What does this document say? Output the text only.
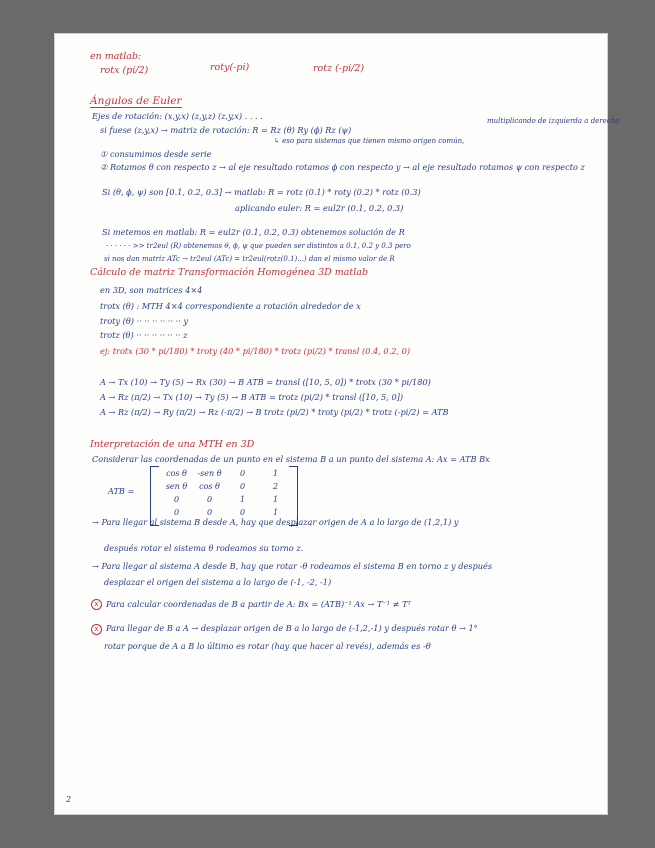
en matlab:
rotx (pi/2)	roty(-pi)	rotz (-pi/2)
Ángulos de Euler
Ejes de rotación: (x,y,x) (z,y,z) (z,y,x) . . . .
si fuese (z,y,x) → matriz de rotación: R = Rz (θ) Ry (ϕ) Rz (ψ)
multiplicando de izquierda a derecha
↳ eso para sistemas que tienen mismo origen común,
① consumimos desde serie
② Rotamos θ con respecto z → al eje resultado rotamos ϕ con respecto y → al eje resultado rotamos ψ con respecto z
Si (θ, ϕ, ψ) son [0.1, 0.2, 0.3] → matlab: R = rotz (0.1) * roty (0.2) * rotz (0.3)
aplicando euler: R = eul2r (0.1, 0.2, 0.3)
Si metemos en matlab: R = eul2r (0.1, 0.2, 0.3) obtenemos solución de R
· · · · · · >> tr2eul (R) obtenemos θ, ϕ, ψ que pueden ser distintos a 0.1, 0.2 y 0.3 pero
si nos dan matriz ATc → tr2eul (ATc) = tr2eul(rotz(0.1)...) dan el mismo valor de R
Cálculo de matriz Transformación Homogénea 3D matlab
en 3D, son matrices 4×4
trotx (θ) : MTH 4×4 correspondiente a rotación alrededor de x
troty (θ) ·· ·· ·· ·· ·· ·· y
trotz (θ) ·· ·· ·· ·· ·· ·· z
ej: trotx (30 * pi/180) * troty (40 * pi/180) * trotz (pi/2) * transl (0.4, 0.2, 0)
A → Tx (10) → Ty (5) → Rx (30) → B ATB = transl ([10, 5, 0]) * trotx (30 * pi/180)
A → Rz (π/2) → Tx (10) → Ty (5) → B ATB = trotz (pi/2) * transl ([10, 5, 0])
A → Rz (π/2) → Ry (π/2) → Rz (-π/2) → B trotz (pi/2) * troty (pi/2) * trotz (-pi/2) = ATB
Interpretación de una MTH en 3D
Considerar las coordenadas de un punto en el sistema B a un punto del sistema A: Ax = ATB Bx
ATB =
cos θ	-sen θ	0	1
sen θ	cos θ	0	2
0	0	1	1
0	0	0	1
→ Para llegar al sistema B desde A, hay que desplazar origen de A a lo largo de (1,2,1) y
después rotar el sistema θ rodeamos su torno z.
→ Para llegar al sistema A desde B, hay que rotar -θ rodeamos el sistema B en torno z y después
desplazar el origen del sistema a lo largo de (-1, -2, -1)
x Para calcular coordenadas de B a partir de A: Bx = (ATB)⁻¹ Ax → T⁻¹ ≠ Tᵀ
x Para llegar de B a A → desplazar origen de B a lo largo de (-1,2,-1) y después rotar θ → 1°
rotar porque de A a B lo último es rotar (hay que hacer al revés), además es -θ
2
